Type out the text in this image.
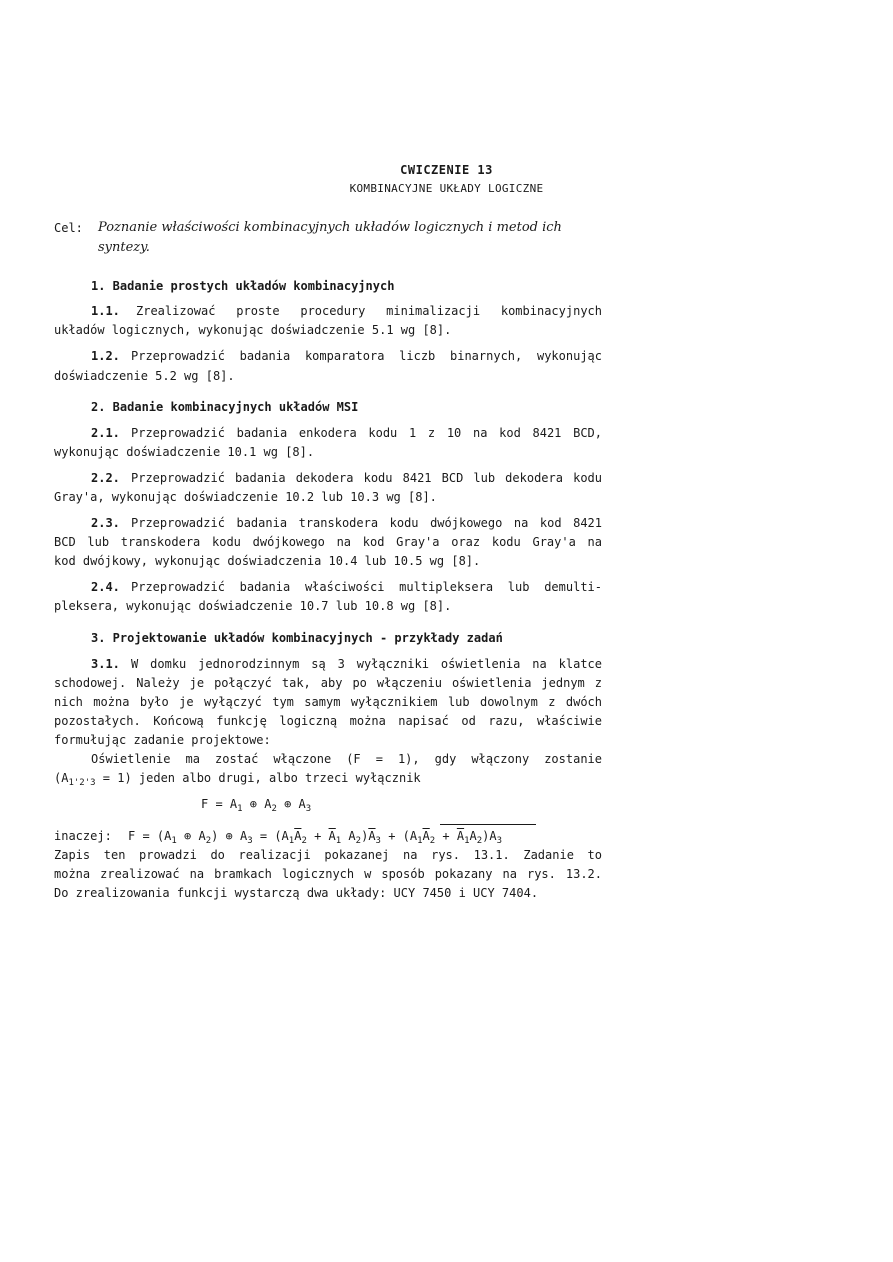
CWICZENIE 13
KOMBINACYJNE UKŁADY LOGICZNE
Cel: Poznanie właściwości kombinacyjnych układów logicznych i metod ich
syntezy.
1. Badanie prostych układów kombinacyjnych
1.1. Zrealizować proste procedury minimalizacji kombinacyjnych
układów logicznych, wykonując doświadczenie 5.1 wg [8].
1.2. Przeprowadzić badania komparatora liczb binarnych, wykonując
doświadczenie 5.2 wg [8].
2. Badanie kombinacyjnych układów MSI
2.1. Przeprowadzić badania enkodera kodu 1 z 10 na kod 8421 BCD,
wykonując doświadczenie 10.1 wg [8].
2.2. Przeprowadzić badania dekodera kodu 8421 BCD lub dekodera kodu
Gray'a, wykonując doświadczenie 10.2 lub 10.3 wg [8].
2.3. Przeprowadzić badania transkodera kodu dwójkowego na kod 8421
BCD lub transkodera kodu dwójkowego na kod Gray'a oraz kodu Gray'a na
kod dwójkowy, wykonując doświadczenia 10.4 lub 10.5 wg [8].
2.4. Przeprowadzić badania właściwości multipleksera lub demulti-
pleksera, wykonując doświadczenie 10.7 lub 10.8 wg [8].
3. Projektowanie układów kombinacyjnych - przykłady zadań
3.1. W domku jednorodzinnym są 3 wyłączniki oświetlenia na klatce
schodowej. Należy je połączyć tak, aby po włączeniu oświetlenia jednym z
nich można było je wyłączyć tym samym wyłącznikiem lub dowolnym z dwóch
pozostałych. Końcową funkcję logiczną można napisać od razu, właściwie
formułując zadanie projektowe:
Oświetlenie ma zostać włączone (F = 1), gdy włączony zostanie
$(A_{1'2'3} = 1)$ jeden albo drugi, albo trzeci wyłącznik
$F = A_1$ ⊕ $A_2$ ⊕ $A_3$
inaczej: $F = (A_1$ ⊕ $A_2$) ⊕ $A_3 = (A_1\overline{A}_2 + \overline{A}_1$ $A_2)\overline{A}_3 + (A_1\overline{A}_2 + \overline{A}_1A_2)A_3$
Zapis ten prowadzi do realizacji pokazanej na rys. 13.1. Zadanie to
można zrealizować na bramkach logicznych w sposób pokazany na rys. 13.2.
Do zrealizowania funkcji wystarczą dwa układy: UCY 7450 i UCY 7404.
